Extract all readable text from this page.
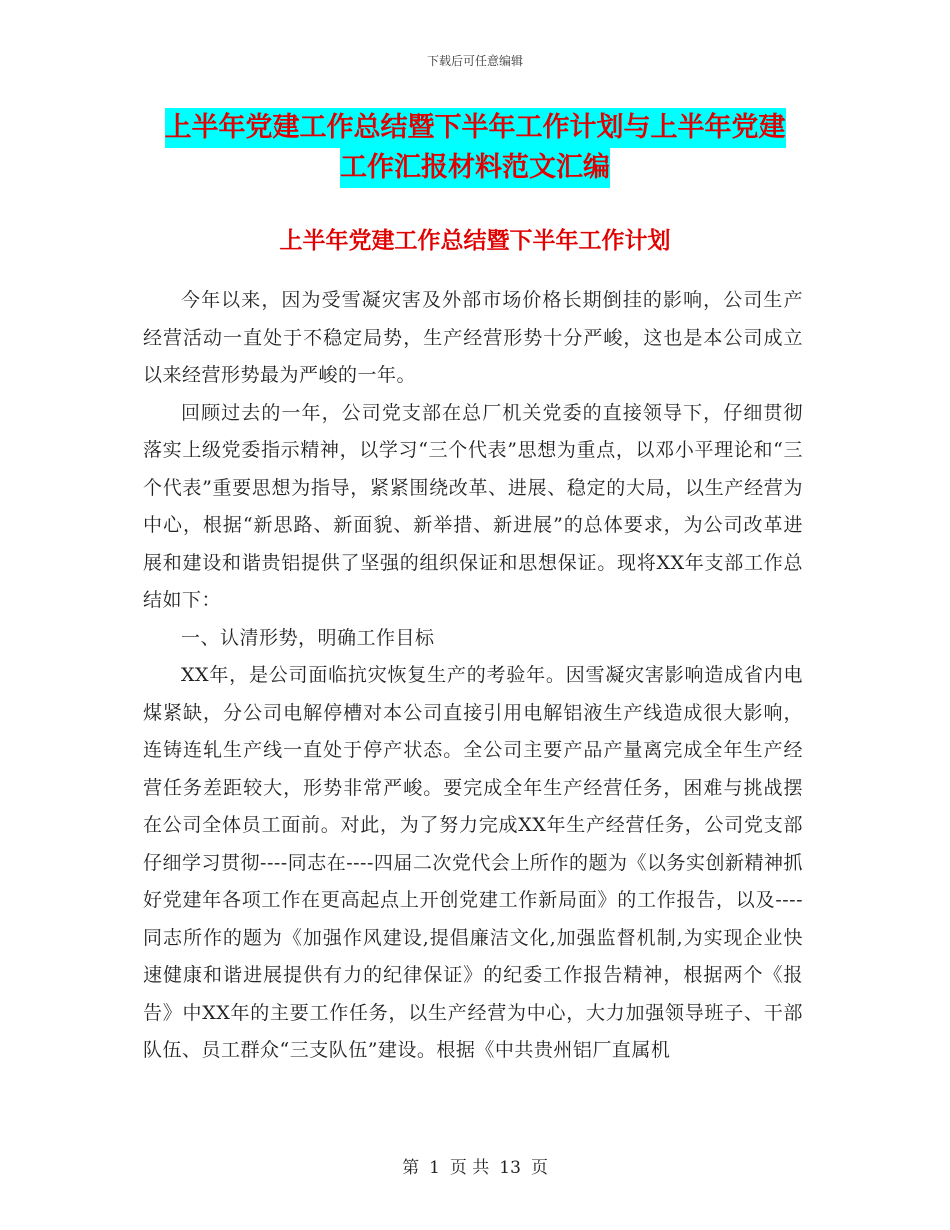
下载后可任意编辑
上半年党建工作总结暨下半年工作计划与上半年党建
工作汇报材料范文汇编
上半年党建工作总结暨下半年工作计划

今年以来，因为受雪凝灾害及外部市场价格长期倒挂的影响，公司生产经营活动一直处于不稳定局势，生产经营形势十分严峻，这也是本公司成立以来经营形势最为严峻的一年。

回顾过去的一年，公司党支部在总厂机关党委的直接领导下，仔细贯彻落实上级党委指示精神，以学习“三个代表”思想为重点，以邓小平理论和“三个代表”重要思想为指导，紧紧围绕改革、进展、稳定的大局，以生产经营为中心，根据“新思路、新面貌、新举措、新进展”的总体要求，为公司改革进展和建设和谐贵铝提供了坚强的组织保证和思想保证。现将XX年支部工作总结如下：

一、认清形势，明确工作目标

XX年，是公司面临抗灾恢复生产的考验年。因雪凝灾害影响造成省内电煤紧缺，分公司电解停槽对本公司直接引用电解铝液生产线造成很大影响，连铸连轧生产线一直处于停产状态。全公司主要产品产量离完成全年生产经营任务差距较大，形势非常严峻。要完成全年生产经营任务，困难与挑战摆在公司全体员工面前。对此，为了努力完成XX年生产经营任务，公司党支部仔细学习贯彻----同志在----四届二次党代会上所作的题为《以务实创新精神抓好党建年各项工作在更高起点上开创党建工作新局面》的工作报告，以及----同志所作的题为《加强作风建设,提倡廉洁文化,加强监督机制,为实现企业快速健康和谐进展提供有力的纪律保证》的纪委工作报告精神，根据两个《报告》中XX年的主要工作任务，以生产经营为中心，大力加强领导班子、干部队伍、员工群众“三支队伍”建设。根据《中共贵州铝厂直属机

第 1 页 共 13 页
